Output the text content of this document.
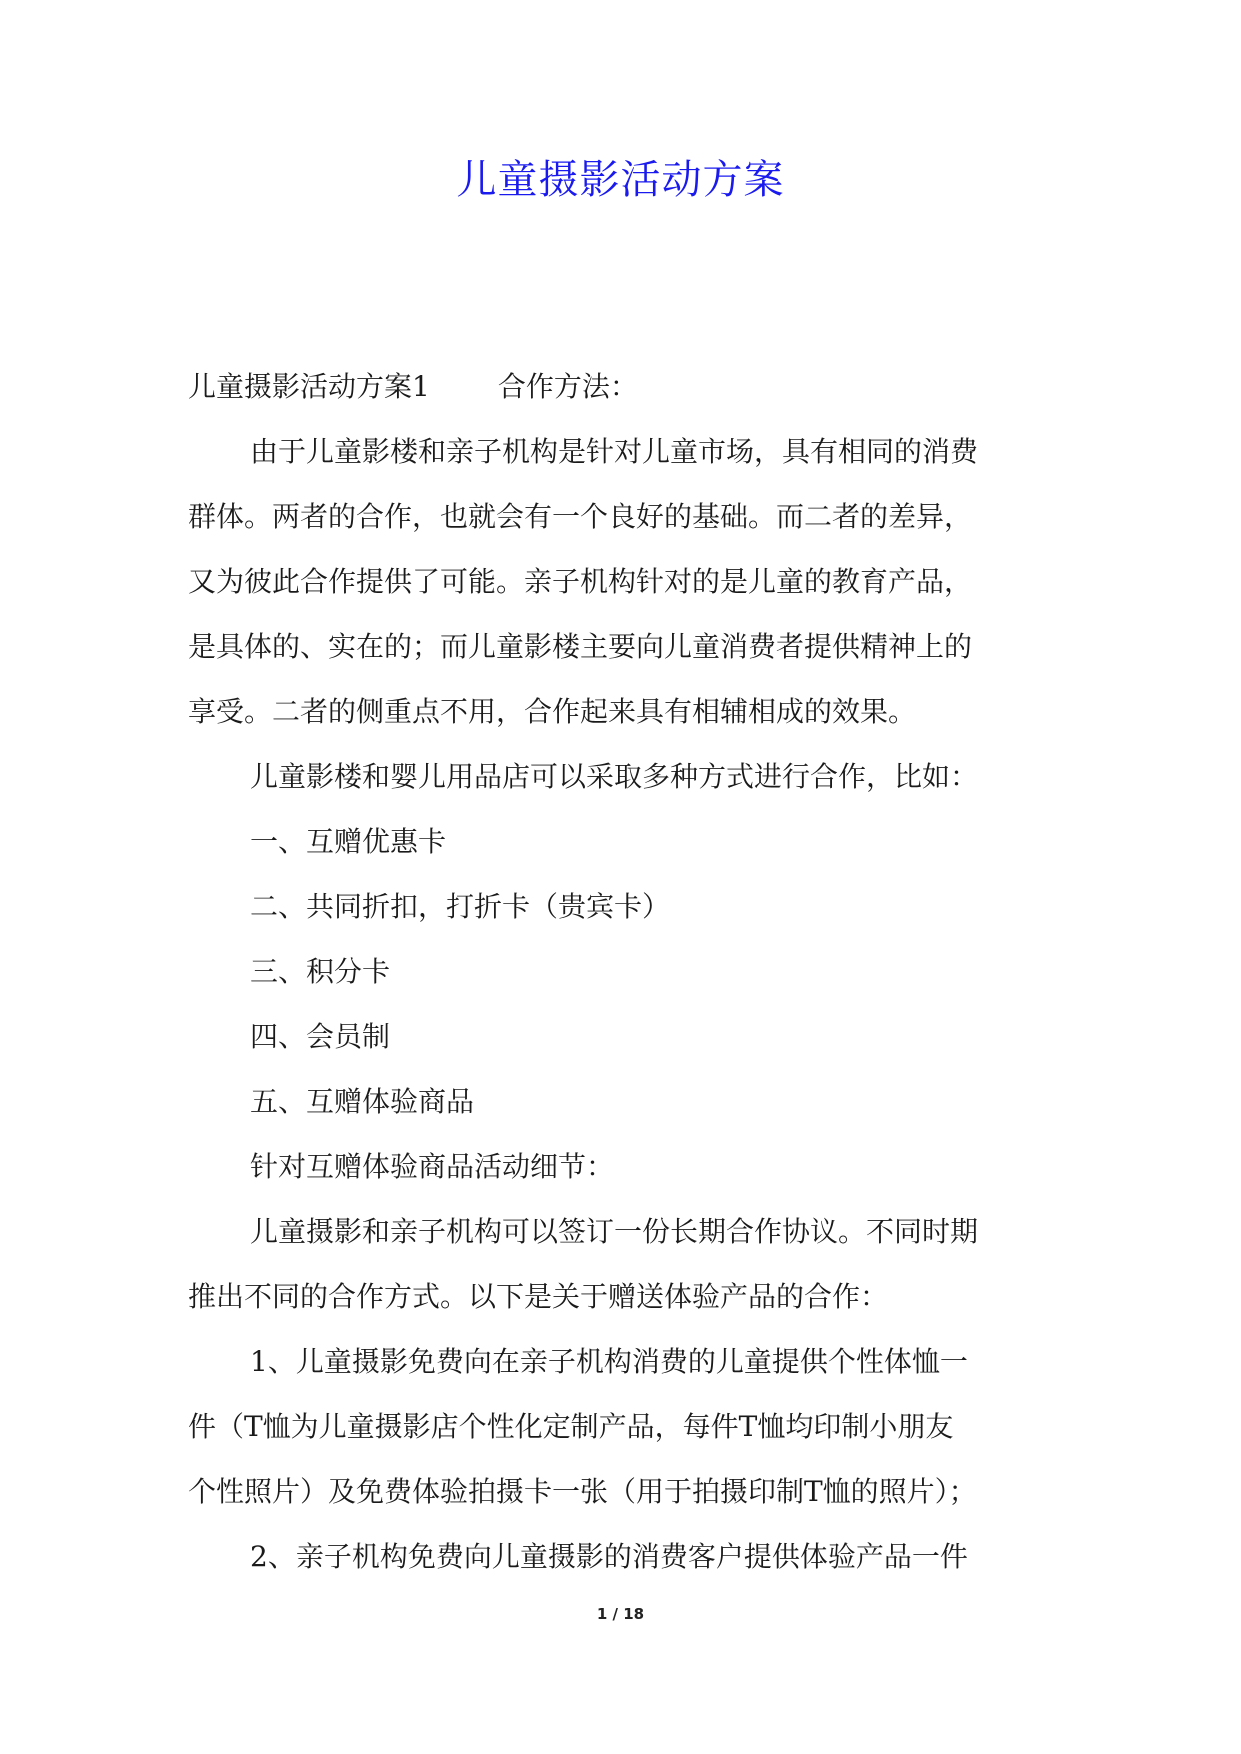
儿童摄影活动方案
儿童摄影活动方案1 合作方法：
由于儿童影楼和亲子机构是针对儿童市场，具有相同的消费
群体。两者的合作，也就会有一个良好的基础。而二者的差异，
又为彼此合作提供了可能。亲子机构针对的是儿童的教育产品，
是具体的、实在的；而儿童影楼主要向儿童消费者提供精神上的
享受。二者的侧重点不用，合作起来具有相辅相成的效果。
儿童影楼和婴儿用品店可以采取多种方式进行合作，比如：
一、互赠优惠卡
二、共同折扣，打折卡（贵宾卡）
三、积分卡
四、会员制
五、互赠体验商品
针对互赠体验商品活动细节：
儿童摄影和亲子机构可以签订一份长期合作协议。不同时期
推出不同的合作方式。以下是关于赠送体验产品的合作：
1、儿童摄影免费向在亲子机构消费的儿童提供个性体恤一
件（T恤为儿童摄影店个性化定制产品，每件T恤均印制小朋友
个性照片）及免费体验拍摄卡一张（用于拍摄印制T恤的照片）；
2、亲子机构免费向儿童摄影的消费客户提供体验产品一件
1 / 18
